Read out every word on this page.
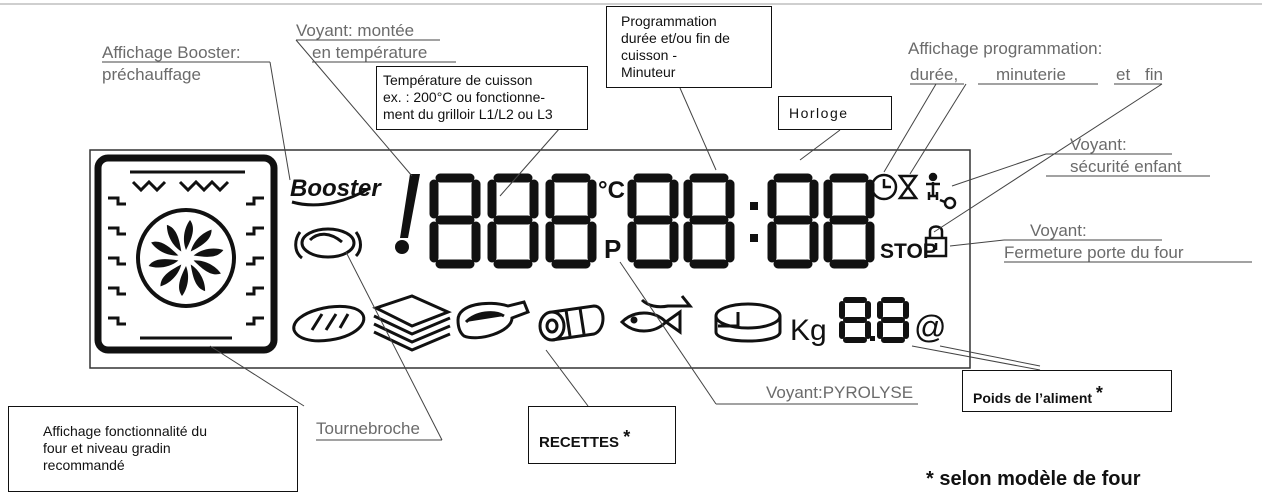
Booster	°C
P	STOP
Kg	@
Affichage Booster:
préchauffage
Voyant: montée
en température
Température de cuisson
ex. : 200°C ou fonctionne-
ment du grilloir L1/L2 ou L3
Programmation
durée et/ou fin de
cuisson -
Minuteur
Horloge
Affichage programmation:
durée, minuterie	et fin
Voyant:
sécurité enfant
Voyant:
Fermeture porte du four
Voyant:PYROLYSE	Poids de l’aliment *
Tournebroche
RECETTES *
Affichage fonctionnalité du
four et niveau gradin
recommandé
* selon modèle de four
